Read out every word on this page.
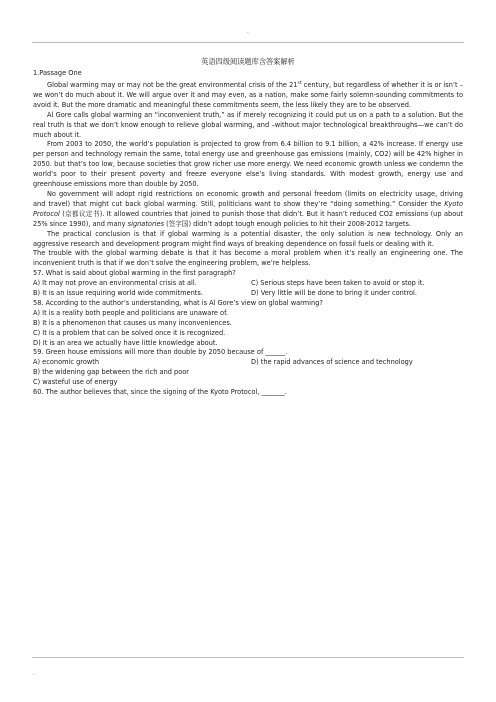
.

英语四级阅读题库含答案解析

1.Passage One

Global warming may or may not be the great environmental crisis of the 21st century, but regardless of whether it is or isn’t –we won’t do much about it. We will argue over it and may even, as a nation, make some fairly solemn-sounding commitments to avoid it. But the more dramatic and meaningful these commitments seem, the less likely they are to be observed.

Al Gore calls global warming an “inconvenient truth,” as if merely recognizing it could put us on a path to a solution. But the real truth is that we don’t know enough to relieve global warming, and –without major technological breakthroughs—we can’t do much about it.

From 2003 to 2050, the world’s population is projected to grow from 6.4 billion to 9.1 billion, a 42% increase. If energy use per person and technology remain the same, total energy use and greenhouse gas emissions (mainly, CO2) will be 42% higher in 2050. but that’s too low, because societies that grow richer use more energy. We need economic growth unless we condemn the world’s poor to their present poverty and freeze everyone else’s living standards. With modest growth, energy use and greenhouse emissions more than double by 2050.

No government will adopt rigid restrictions on economic growth and personal freedom (limits on electricity usage, driving and travel) that might cut back global warming. Still, politicians want to show they’re “doing something.” Consider the Kyoto Protocol (京都议定书). It allowed countries that joined to punish those that didn’t. But it hasn’t reduced CO2 emissions (up about 25% since 1990), and many signatories (签字国) didn’t adopt tough enough policies to hit their 2008-2012 targets.

The practical conclusion is that if global warming is a potential disaster, the only solution is new technology. Only an aggressive research and development program might find ways of breaking dependence on fossil fuels or dealing with it.

The trouble with the global warming debate is that it has become a moral problem when it’s really an engineering one. The inconvenient truth is that if we don’t solve the engineering problem, we’re helpless.

57. What is said about global warming in the first paragraph?

A) It may not prove an environmental crisis at all.

B) It is an issue requiring world wide commitments.

C) Serious steps have been taken to avoid or stop it.

D) Very little will be done to bring it under control.

58. According to the author’s understanding, what is Al Gore’s view on global warming?

A) It is a reality both people and politicians are unaware of.

B) It is a phenomenon that causes us many inconveniences.

C) It is a problem that can be solved once it is recognized.

D) It is an area we actually have little knowledge about.

59. Green house emissions will more than double by 2050 because of ______.

A) economic growth

B) the widening gap between the rich and poor

C) wasteful use of energy

D) the rapid advances of science and technology

60. The author believes that, since the signing of the Kyoto Protocol, _______.

.
